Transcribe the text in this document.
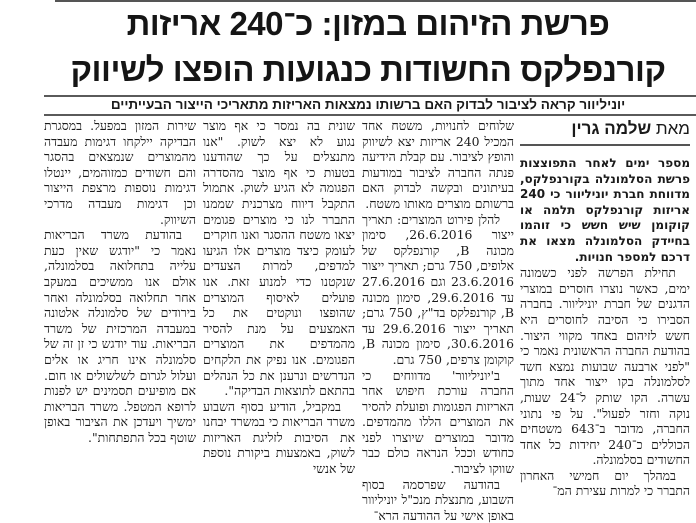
פרשת הזיהום במזון: כ־240 אריזות
קורנפלקס החשודות כנגועות הופצו לשיווק
יוניליוור קראה לציבור לבדוק האם ברשותו נמצאות האריזות מתאריכי הייצור הבעייתיים
מאת שלמה גרין

מספר ימים לאחר התפוצצות פרשת הסלמונלה בקורנפלקס, מדווחת חברת יוניליוור כי 240 אריזות קורנפלקס תלמה או קוקומן שיש חשש כי זוהמו בחיידק הסלמונלה מצאו את דרכם למספר חנויות.

תחילת הפרשה לפני כשמונה ימים, כאשר נוצרו חוסרים במוצרי הדגנים של חברת יוניליוור. בחברה הסבירו כי הסיבה לחוסרים היא חשש לזיהום באחד מקווי היצור. בהודעת החברה הראשונית נאמר כי "לפני ארבעה שבועות נמצא חשד לסלמונלה בקו ייצור אחד מתוך עשרה. הקו שותק ל־24 שעות, נוקה וחזר לפעול". על פי נתוני החברה, מדובר ב־643 משטחים הכוללים כ־240 יחידות כל אחד החשודים בסלמונלה.

במהלך יום חמישי האחרון התברר כי למרות עצירת המ־

שלוחים לחנויות, משטח אחד המכיל 240 אריזות יצא לשיווק והופץ לציבור. עם קבלת הידיעה פנתה החברה לציבור במודעות בעיתונים ובקשה לבדוק האם ברשותם מוצרים מאותו משטח.

להלן פירוט המוצרים: תאריך ייצור 26.6.2016, סימון מכונה B, קורנפלקס של אלופים, 750 גרם; תאריך ייצור 23.6.2016 וגם 27.6.2016 עד 29.6.2016, סימון מכונה B, קורנפלקס בד"ץ, 750 גרם; תאריך ייצור 29.6.2016 עד 30.6.2016, סימון מכונה B, קוקומן צרפים, 750 גרם.

ב'יוניליוור' מדווחים כי החברה עורכת חיפוש אחר האריזות הפגומות ופועלת להסיר את המוצרים הללו מהמדפים. מדובר במוצרים שיוצרו לפני כחודש וככל הנראה כולם כבר שווקו לציבור.

בהודעה שפרסמה בסוף השבוע, מתנצלת מנכ"ל יוניליוור באופן אישי על ההודעה הרא־

שונית בה נמסר כי אף מוצר נגוע לא יצא לשוק. "אנו מתנצלים על כך שהודענו בטעות כי אף מוצר מהסדרה הפגומה לא הגיע לשוק. אתמול התקבל דיווח מצרכנית שממנו התברר לנו כי מוצרים פגומים יצאו משטח ההסגר ואנו חוקרים לעומק כיצד מוצרים אלו הגיעו למדפים, למרות הצעדים שנקטנו כדי למנוע זאת. אנו פועלים לאיסוף המוצרים שהופצו ונוקטים את כל האמצעים על מנת להסיר מהמדפים את המוצרים הפגומים. אנו נפיק את הלקחים הנדרשים ונרענן את כל הנהלים בהתאם לתוצאות הבדיקה".

במקביל, הודיע בסוף השבוע משרד הבריאות כי במשרד יבחנו את הסיבות לזליגת האריזות לשוק, באמצעות ביקורת נוספת של אנשי

שירות המזון במפעל. במסגרת הבדיקה יילקחו דגימות מעבדה מהמוצרים שנמצאים בהסגר והם חשודים כמזוהמים, יינטלו דגימות נוספות מרצפת הייצור וכן דגימות מעבדה מדרכי השיווק.

בהודעת משרד הבריאות נאמר כי "יודגש שאין כעת עלייה בתחלואה בסלמונלה, אולם אנו ממשיכים במעקב אחר תחלואה בסלמונלה ואחר בירודים של סלמונלה אלטונה במעבדה המרכזית של משרד הבריאות. עוד יודגש כי זן זה של סלמונלה אינו חריג או אלים ועלול לגרום לשלשולים או חום. אם מופיעים תסמינים יש לפנות לרופא המטפל. משרד הבריאות ימשיך ויעדכן את הציבור באופן שוטף בכל התפתחות".
